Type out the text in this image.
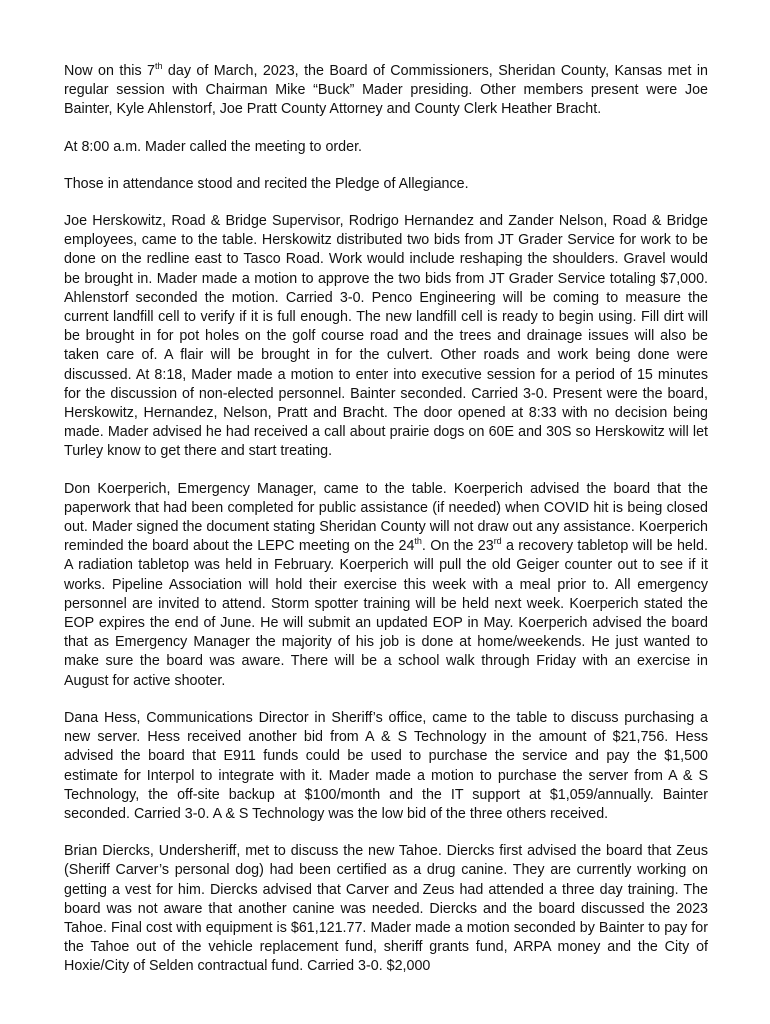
Now on this 7th day of March, 2023, the Board of Commissioners, Sheridan County, Kansas met in regular session with Chairman Mike “Buck” Mader presiding. Other members present were Joe Bainter, Kyle Ahlenstorf, Joe Pratt County Attorney and County Clerk Heather Bracht.

At 8:00 a.m. Mader called the meeting to order.

Those in attendance stood and recited the Pledge of Allegiance.

Joe Herskowitz, Road & Bridge Supervisor, Rodrigo Hernandez and Zander Nelson, Road & Bridge employees, came to the table. Herskowitz distributed two bids from JT Grader Service for work to be done on the redline east to Tasco Road. Work would include reshaping the shoulders. Gravel would be brought in. Mader made a motion to approve the two bids from JT Grader Service totaling $7,000. Ahlenstorf seconded the motion. Carried 3-0. Penco Engineering will be coming to measure the current landfill cell to verify if it is full enough. The new landfill cell is ready to begin using. Fill dirt will be brought in for pot holes on the golf course road and the trees and drainage issues will also be taken care of. A flair will be brought in for the culvert. Other roads and work being done were discussed. At 8:18, Mader made a motion to enter into executive session for a period of 15 minutes for the discussion of non-elected personnel. Bainter seconded. Carried 3-0. Present were the board, Herskowitz, Hernandez, Nelson, Pratt and Bracht. The door opened at 8:33 with no decision being made. Mader advised he had received a call about prairie dogs on 60E and 30S so Herskowitz will let Turley know to get there and start treating.

Don Koerperich, Emergency Manager, came to the table. Koerperich advised the board that the paperwork that had been completed for public assistance (if needed) when COVID hit is being closed out. Mader signed the document stating Sheridan County will not draw out any assistance. Koerperich reminded the board about the LEPC meeting on the 24th. On the 23rd a recovery tabletop will be held. A radiation tabletop was held in February. Koerperich will pull the old Geiger counter out to see if it works. Pipeline Association will hold their exercise this week with a meal prior to. All emergency personnel are invited to attend. Storm spotter training will be held next week. Koerperich stated the EOP expires the end of June. He will submit an updated EOP in May. Koerperich advised the board that as Emergency Manager the majority of his job is done at home/weekends. He just wanted to make sure the board was aware. There will be a school walk through Friday with an exercise in August for active shooter.

Dana Hess, Communications Director in Sheriff’s office, came to the table to discuss purchasing a new server. Hess received another bid from A & S Technology in the amount of $21,756. Hess advised the board that E911 funds could be used to purchase the service and pay the $1,500 estimate for Interpol to integrate with it. Mader made a motion to purchase the server from A & S Technology, the off-site backup at $100/month and the IT support at $1,059/annually. Bainter seconded. Carried 3-0. A & S Technology was the low bid of the three others received.

Brian Diercks, Undersheriff, met to discuss the new Tahoe. Diercks first advised the board that Zeus (Sheriff Carver’s personal dog) had been certified as a drug canine. They are currently working on getting a vest for him. Diercks advised that Carver and Zeus had attended a three day training. The board was not aware that another canine was needed. Diercks and the board discussed the 2023 Tahoe. Final cost with equipment is $61,121.77. Mader made a motion seconded by Bainter to pay for the Tahoe out of the vehicle replacement fund, sheriff grants fund, ARPA money and the City of Hoxie/City of Selden contractual fund. Carried 3-0. $2,000
